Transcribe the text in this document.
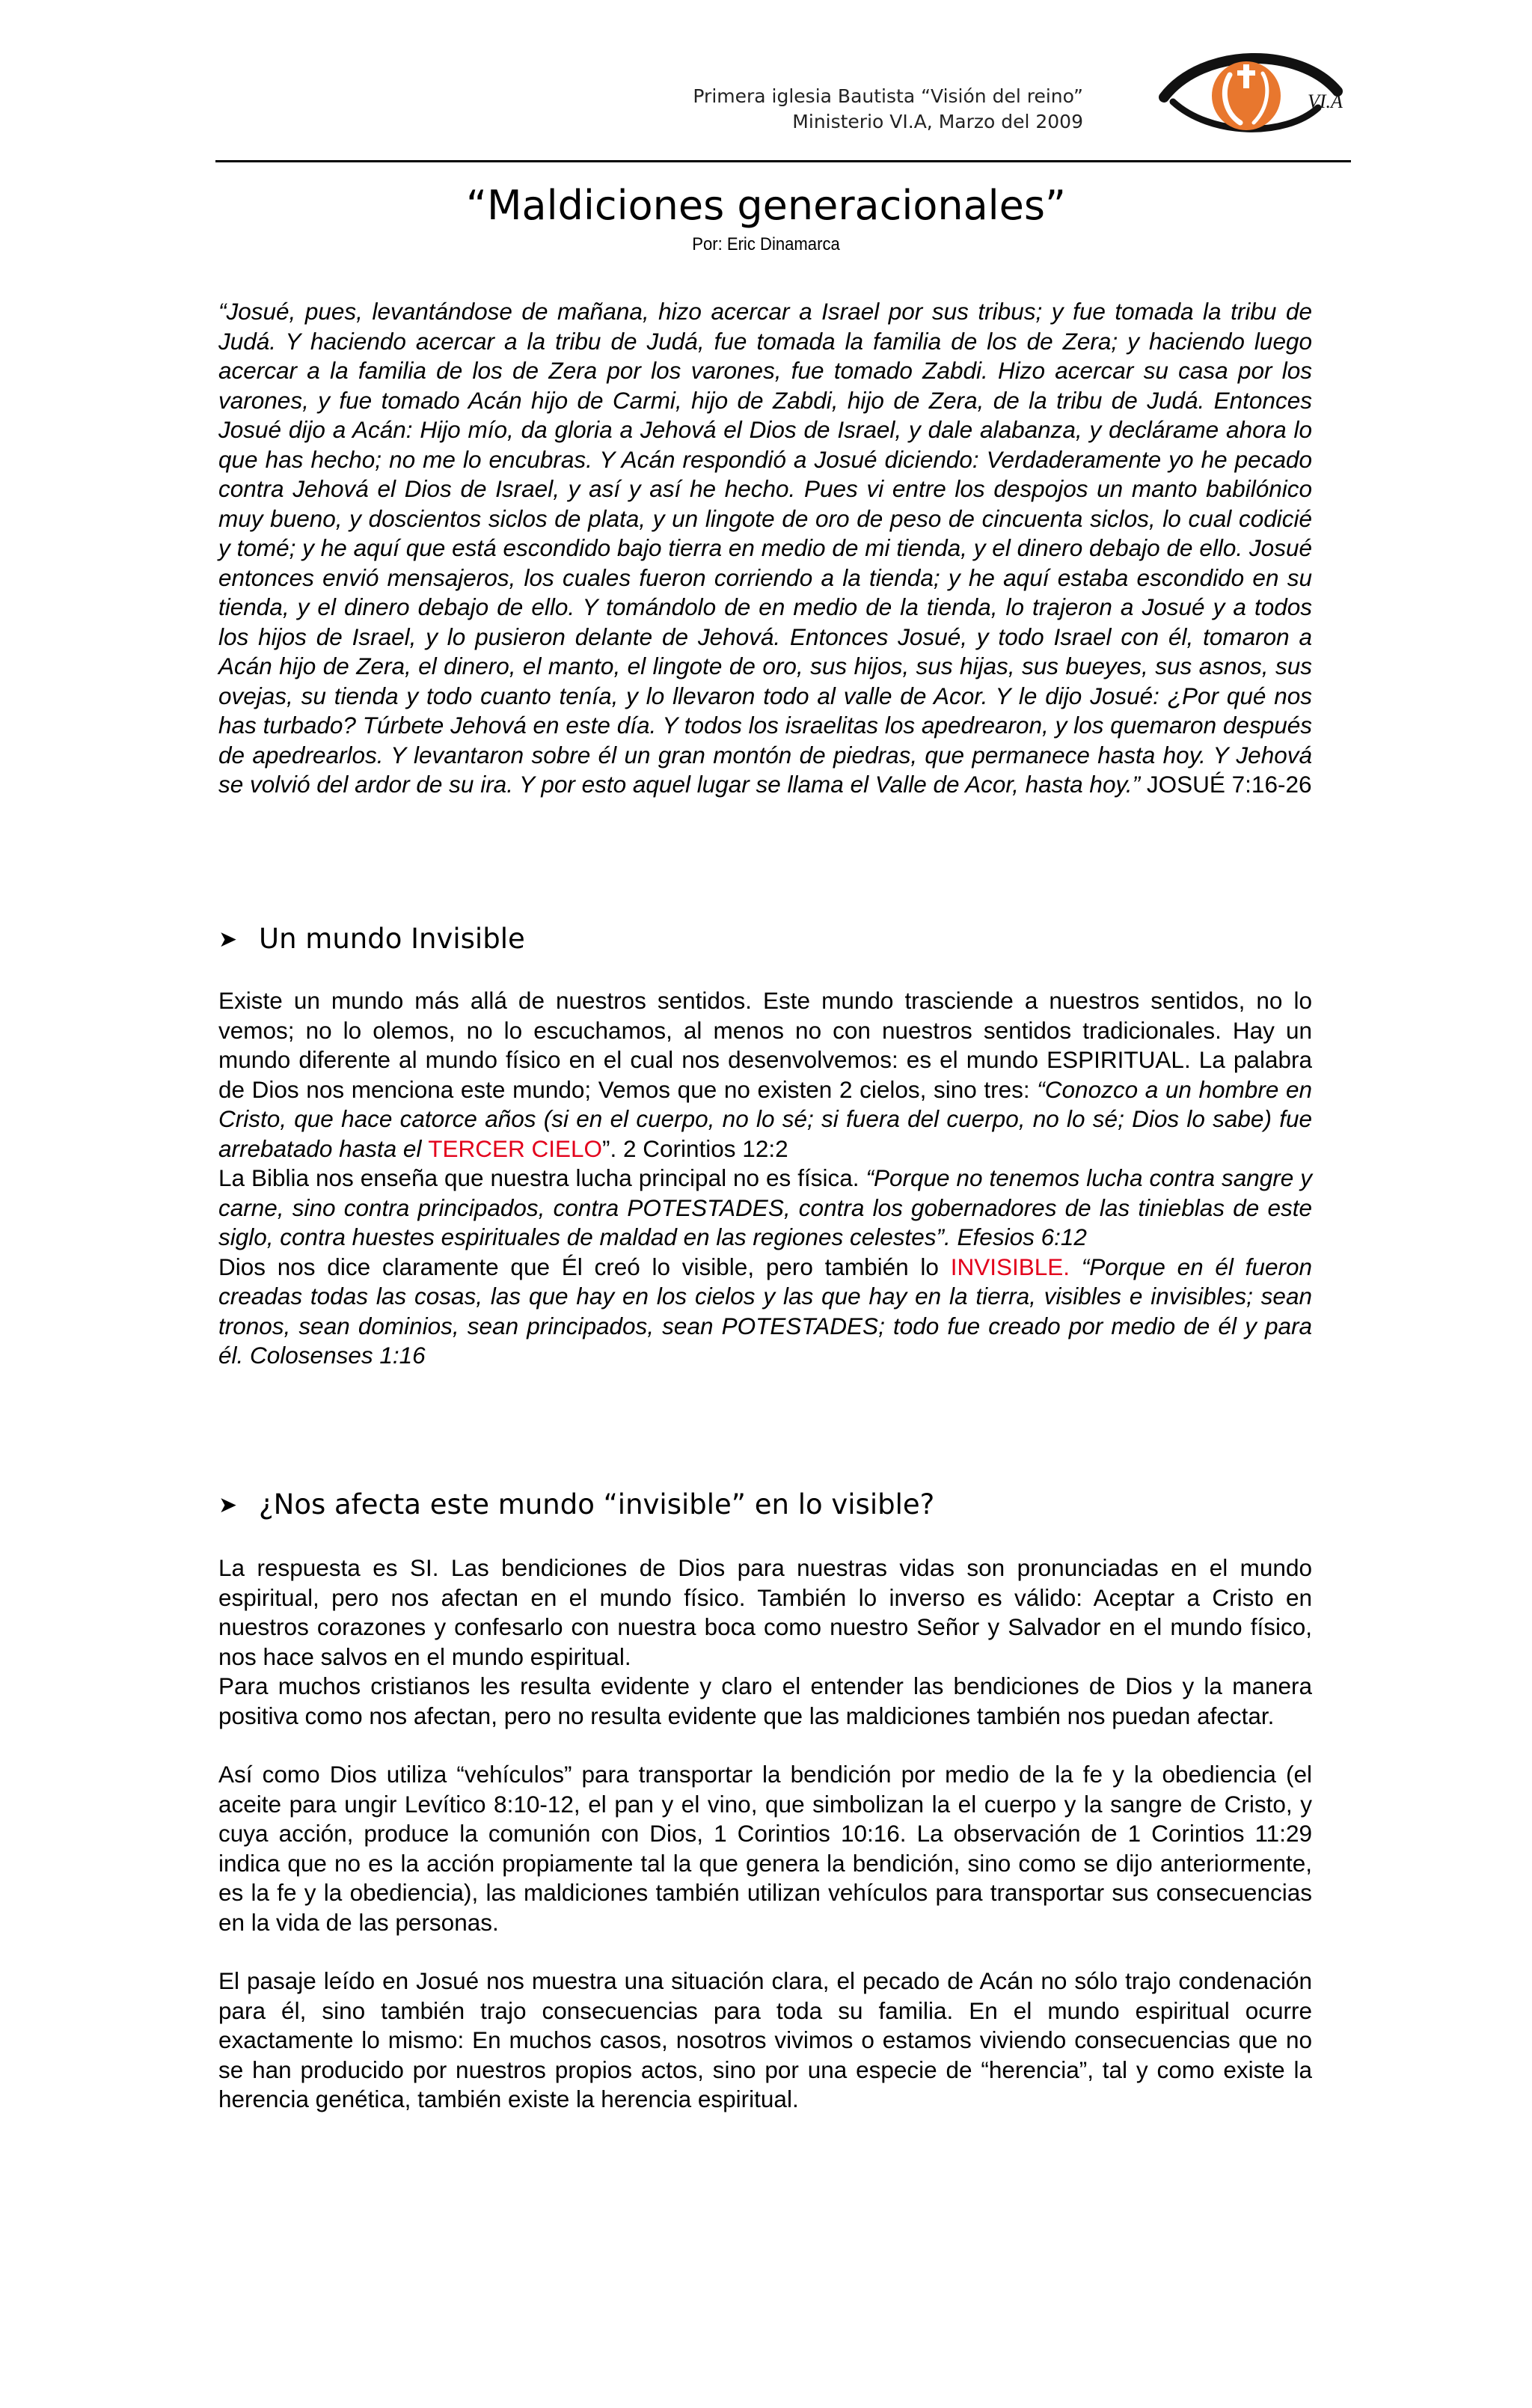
Primera iglesia Bautista “Visión del reino”
Ministerio VI.A, Marzo del 2009
VI.A
“Maldiciones generacionales”
Por: Eric Dinamarca

“Josué, pues, levantándose de mañana, hizo acercar a Israel por sus tribus; y fue tomada la tribu de Judá. Y haciendo acercar a la tribu de Judá, fue tomada la familia de los de Zera; y haciendo luego acercar a la familia de los de Zera por los varones, fue tomado Zabdi. Hizo acercar su casa por los varones, y fue tomado Acán hijo de Carmi, hijo de Zabdi, hijo de Zera, de la tribu de Judá. Entonces Josué dijo a Acán: Hijo mío, da gloria a Jehová el Dios de Israel, y dale alabanza, y declárame ahora lo que has hecho; no me lo encubras. Y Acán respondió a Josué diciendo: Verdaderamente yo he pecado contra Jehová el Dios de Israel, y así y así he hecho. Pues vi entre los despojos un manto babilónico muy bueno, y doscientos siclos de plata, y un lingote de oro de peso de cincuenta siclos, lo cual codicié y tomé; y he aquí que está escondido bajo tierra en medio de mi tienda, y el dinero debajo de ello. Josué entonces envió mensajeros, los cuales fueron corriendo a la tienda; y he aquí estaba escondido en su tienda, y el dinero debajo de ello. Y tomándolo de en medio de la tienda, lo trajeron a Josué y a todos los hijos de Israel, y lo pusieron delante de Jehová. Entonces Josué, y todo Israel con él, tomaron a Acán hijo de Zera, el dinero, el manto, el lingote de oro, sus hijos, sus hijas, sus bueyes, sus asnos, sus ovejas, su tienda y todo cuanto tenía, y lo llevaron todo al valle de Acor. Y le dijo Josué: ¿Por qué nos has turbado? Túrbete Jehová en este día. Y todos los israelitas los apedrearon, y los quemaron después de apedrearlos. Y levantaron sobre él un gran montón de piedras, que permanece hasta hoy. Y Jehová se volvió del ardor de su ira. Y por esto aquel lugar se llama el Valle de Acor, hasta hoy.” JOSUÉ 7:16-26

➤ Un mundo Invisible

Existe un mundo más allá de nuestros sentidos. Este mundo trasciende a nuestros sentidos, no lo vemos; no lo olemos, no lo escuchamos, al menos no con nuestros sentidos tradicionales. Hay un mundo diferente al mundo físico en el cual nos desenvolvemos: es el mundo ESPIRITUAL. La palabra de Dios nos menciona este mundo; Vemos que no existen 2 cielos, sino tres: “Conozco a un hombre en Cristo, que hace catorce años (si en el cuerpo, no lo sé; si fuera del cuerpo, no lo sé; Dios lo sabe) fue arrebatado hasta el TERCER CIELO”. 2 Corintios 12:2

La Biblia nos enseña que nuestra lucha principal no es física. “Porque no tenemos lucha contra sangre y carne, sino contra principados, contra POTESTADES, contra los gobernadores de las tinieblas de este siglo, contra huestes espirituales de maldad en las regiones celestes”. Efesios 6:12

Dios nos dice claramente que Él creó lo visible, pero también lo INVISIBLE. “Porque en él fueron creadas todas las cosas, las que hay en los cielos y las que hay en la tierra, visibles e invisibles; sean tronos, sean dominios, sean principados, sean POTESTADES; todo fue creado por medio de él y para él. Colosenses 1:16

➤ ¿Nos afecta este mundo “invisible” en lo visible?

La respuesta es SI. Las bendiciones de Dios para nuestras vidas son pronunciadas en el mundo espiritual, pero nos afectan en el mundo físico. También lo inverso es válido: Aceptar a Cristo en nuestros corazones y confesarlo con nuestra boca como nuestro Señor y Salvador en el mundo físico, nos hace salvos en el mundo espiritual.

Para muchos cristianos les resulta evidente y claro el entender las bendiciones de Dios y la manera positiva como nos afectan, pero no resulta evidente que las maldiciones también nos puedan afectar.

Así como Dios utiliza “vehículos” para transportar la bendición por medio de la fe y la obediencia (el aceite para ungir Levítico 8:10-12, el pan y el vino, que simbolizan la el cuerpo y la sangre de Cristo, y cuya acción, produce la comunión con Dios, 1 Corintios 10:16. La observación de 1 Corintios 11:29 indica que no es la acción propiamente tal la que genera la bendición, sino como se dijo anteriormente, es la fe y la obediencia), las maldiciones también utilizan vehículos para transportar sus consecuencias en la vida de las personas.

El pasaje leído en Josué nos muestra una situación clara, el pecado de Acán no sólo trajo condenación para él, sino también trajo consecuencias para toda su familia. En el mundo espiritual ocurre exactamente lo mismo: En muchos casos, nosotros vivimos o estamos viviendo consecuencias que no se han producido por nuestros propios actos, sino por una especie de “herencia”, tal y como existe la herencia genética, también existe la herencia espiritual.
